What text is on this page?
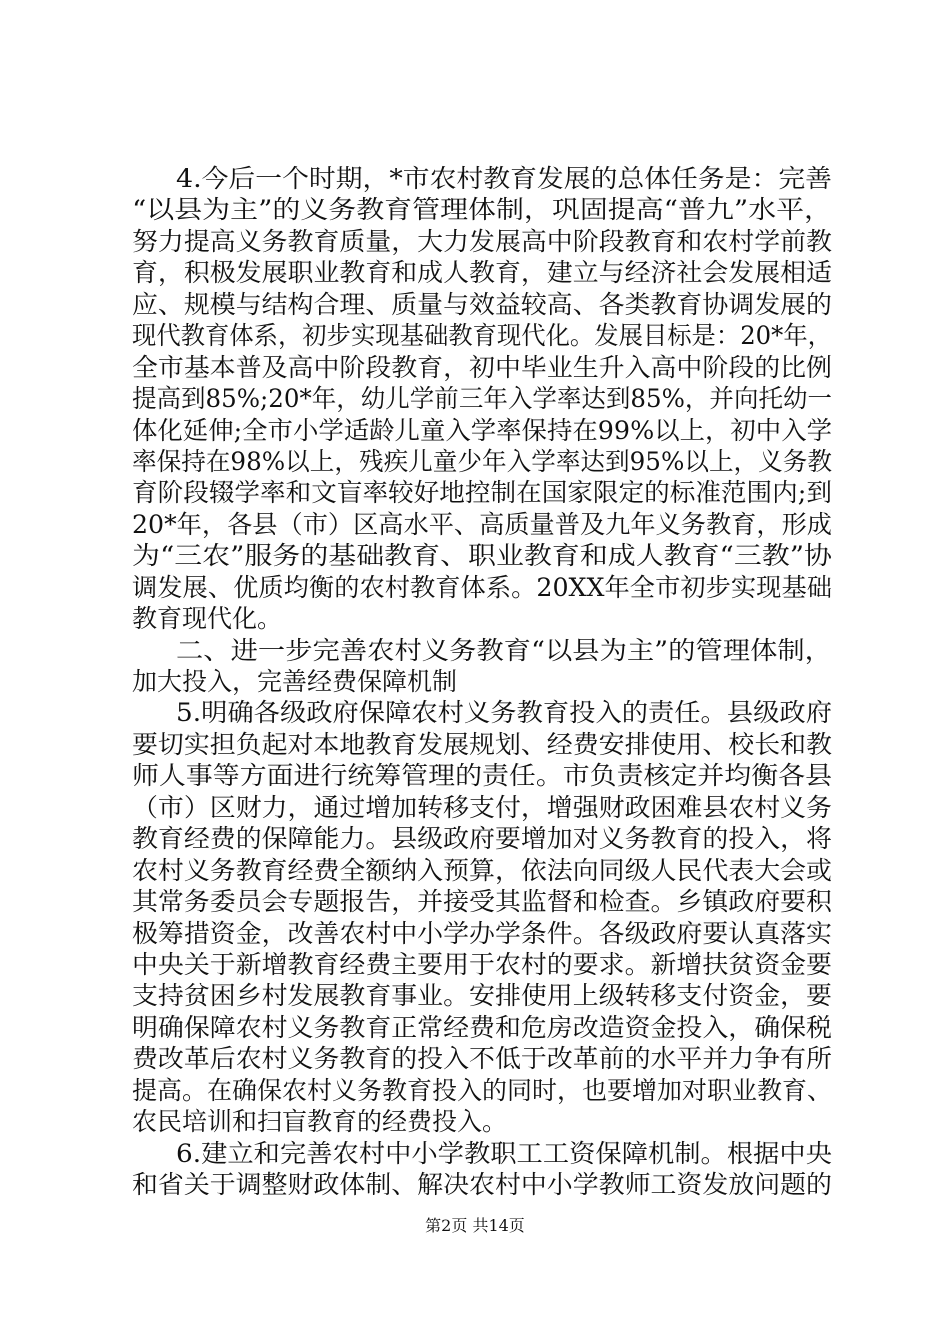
4.今后一个时期，*市农村教育发展的总体任务是：完善
“以县为主”的义务教育管理体制，巩固提高“普九”水平，
努力提高义务教育质量，大力发展高中阶段教育和农村学前教
育，积极发展职业教育和成人教育，建立与经济社会发展相适
应、规模与结构合理、质量与效益较高、各类教育协调发展的
现代教育体系，初步实现基础教育现代化。发展目标是：20*年，
全市基本普及高中阶段教育，初中毕业生升入高中阶段的比例
提高到85%;20*年，幼儿学前三年入学率达到85%，并向托幼一
体化延伸;全市小学适龄儿童入学率保持在99%以上，初中入学
率保持在98%以上，残疾儿童少年入学率达到95%以上，义务教
育阶段辍学率和文盲率较好地控制在国家限定的标准范围内;到
20*年，各县（市）区高水平、高质量普及九年义务教育，形成
为“三农”服务的基础教育、职业教育和成人教育“三教”协
调发展、优质均衡的农村教育体系。20XX年全市初步实现基础
教育现代化。
二、进一步完善农村义务教育“以县为主”的管理体制，
加大投入，完善经费保障机制
5.明确各级政府保障农村义务教育投入的责任。县级政府
要切实担负起对本地教育发展规划、经费安排使用、校长和教
师人事等方面进行统筹管理的责任。市负责核定并均衡各县
（市）区财力，通过增加转移支付，增强财政困难县农村义务
教育经费的保障能力。县级政府要增加对义务教育的投入，将
农村义务教育经费全额纳入预算，依法向同级人民代表大会或
其常务委员会专题报告，并接受其监督和检查。乡镇政府要积
极筹措资金，改善农村中小学办学条件。各级政府要认真落实
中央关于新增教育经费主要用于农村的要求。新增扶贫资金要
支持贫困乡村发展教育事业。安排使用上级转移支付资金，要
明确保障农村义务教育正常经费和危房改造资金投入，确保税
费改革后农村义务教育的投入不低于改革前的水平并力争有所
提高。在确保农村义务教育投入的同时，也要增加对职业教育、
农民培训和扫盲教育的经费投入。
6.建立和完善农村中小学教职工工资保障机制。根据中央
和省关于调整财政体制、解决农村中小学教师工资发放问题的
第2页 共14页
